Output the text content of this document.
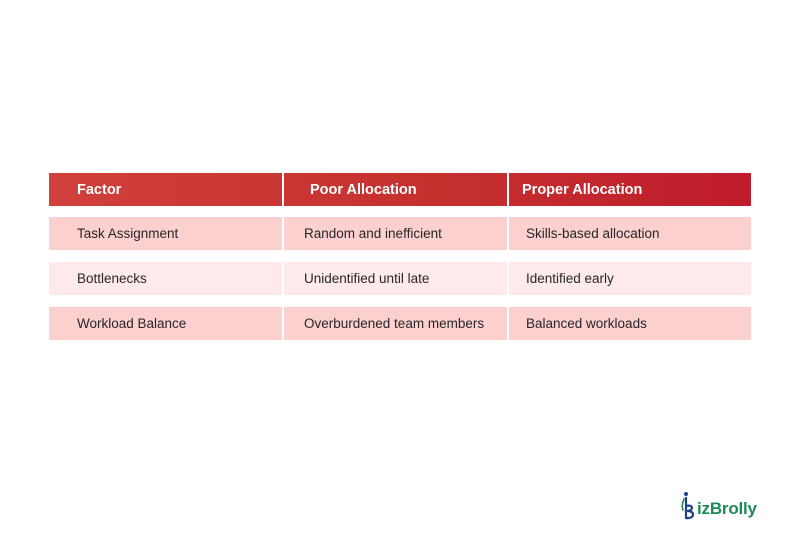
Factor	Poor Allocation	Proper Allocation
Task Assignment	Random and inefficient	Skills-based allocation
Bottlenecks	Unidentified until late	Identified early
Workload Balance	Overburdened team members	Balanced workloads
izBrolly
